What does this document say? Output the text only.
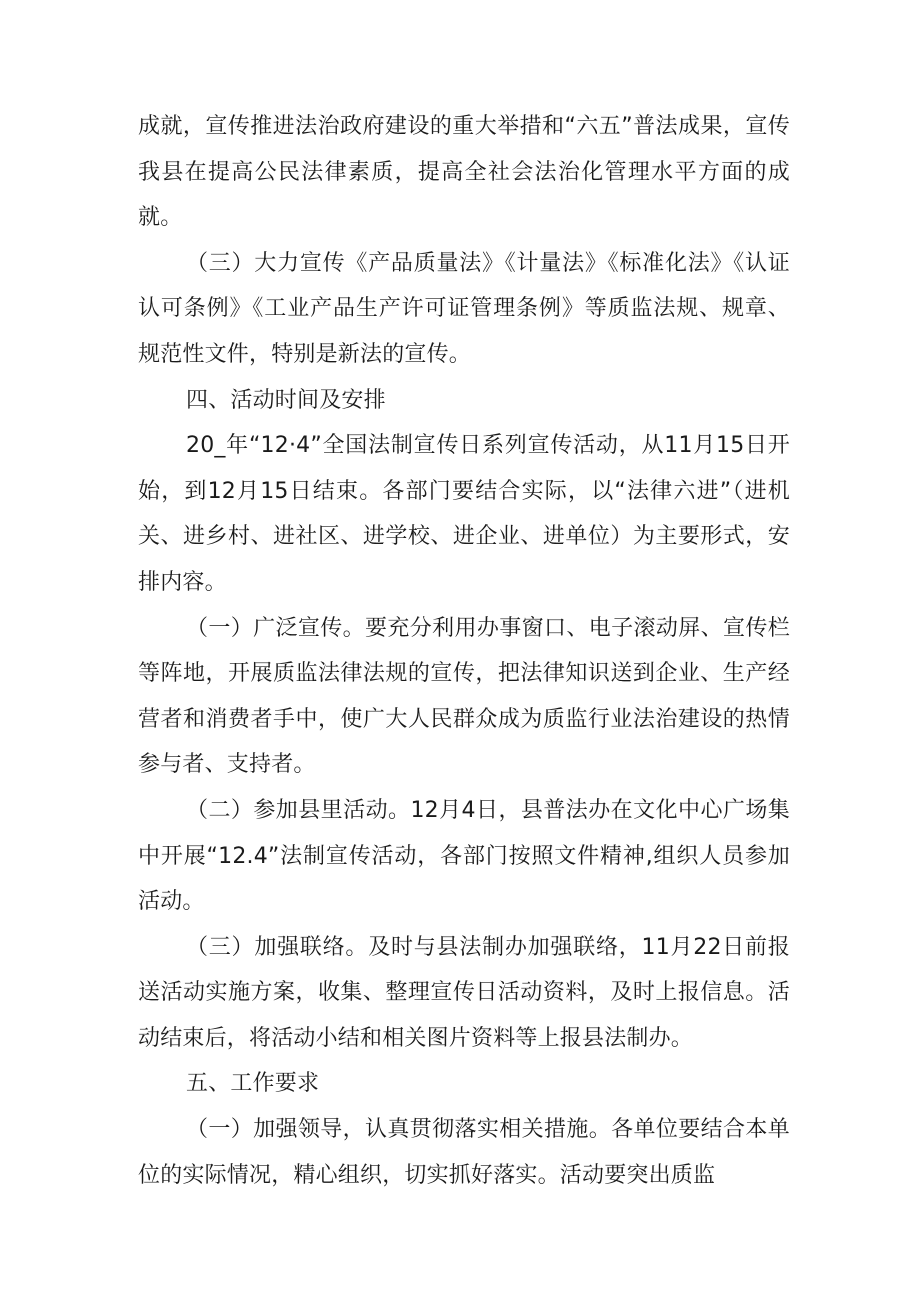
成就，宣传推进法治政府建设的重大举措和“六五”普法成果，宣传我县在提高公民法律素质，提高全社会法治化管理水平方面的成就。

（三）大力宣传《产品质量法》《计量法》《标准化法》《认证认可条例》《工业产品生产许可证管理条例》等质监法规、规章、规范性文件，特别是新法的宣传。

四、活动时间及安排

20_年“12·4”全国法制宣传日系列宣传活动，从11月15日开始，到12月15日结束。各部门要结合实际，以“法律六进”（进机关、进乡村、进社区、进学校、进企业、进单位）为主要形式，安排内容。

（一）广泛宣传。要充分利用办事窗口、电子滚动屏、宣传栏等阵地，开展质监法律法规的宣传，把法律知识送到企业、生产经营者和消费者手中，使广大人民群众成为质监行业法治建设的热情参与者、支持者。

（二）参加县里活动。12月4日，县普法办在文化中心广场集中开展“12.4”法制宣传活动，各部门按照文件精神,组织人员参加活动。

（三）加强联络。及时与县法制办加强联络，11月22日前报送活动实施方案，收集、整理宣传日活动资料，及时上报信息。活动结束后，将活动小结和相关图片资料等上报县法制办。

五、工作要求

（一）加强领导，认真贯彻落实相关措施。各单位要结合本单位的实际情况，精心组织，切实抓好落实。活动要突出质监
